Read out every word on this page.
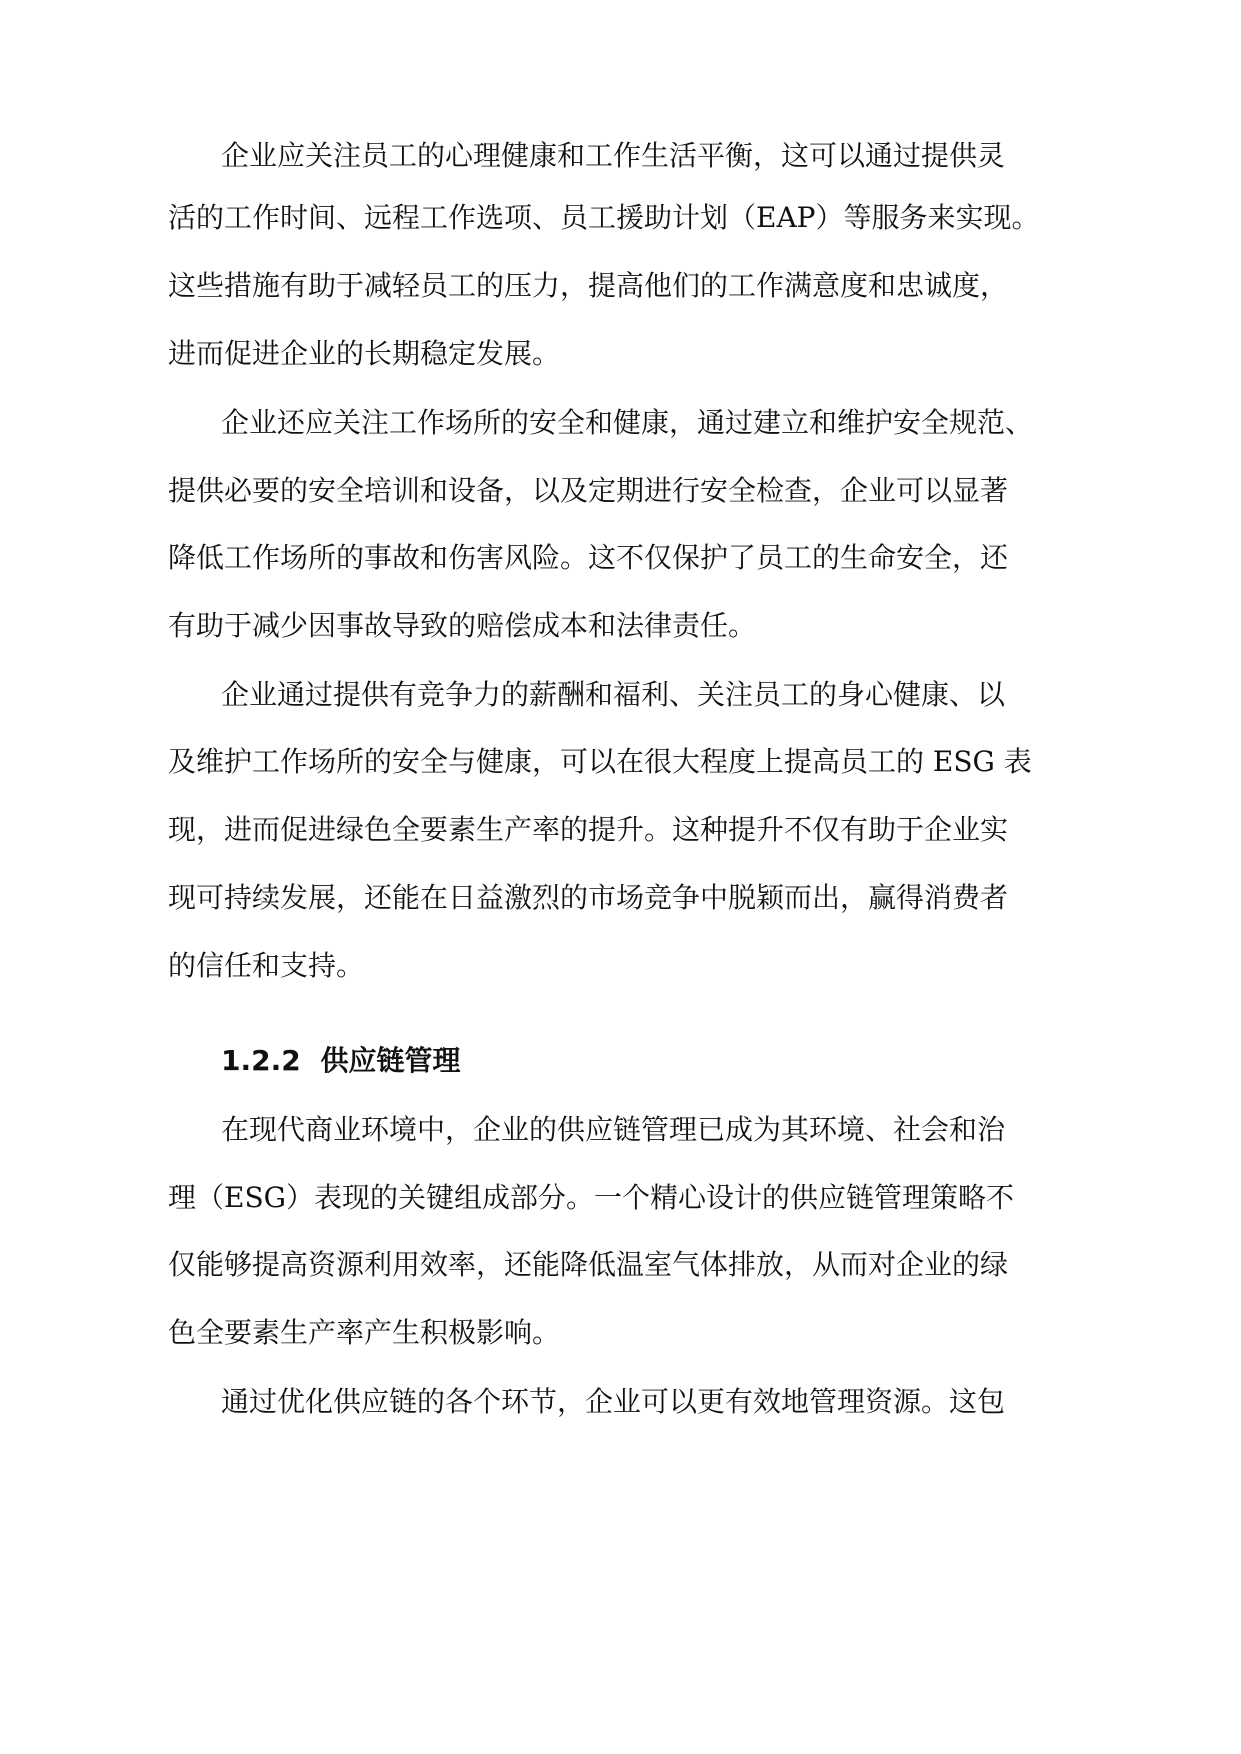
企业应关注员工的心理健康和工作生活平衡，这可以通过提供灵

活的工作时间、远程工作选项、员工援助计划（EAP）等服务来实现。

这些措施有助于减轻员工的压力，提高他们的工作满意度和忠诚度，

进而促进企业的长期稳定发展。

企业还应关注工作场所的安全和健康，通过建立和维护安全规范、

提供必要的安全培训和设备，以及定期进行安全检查，企业可以显著

降低工作场所的事故和伤害风险。这不仅保护了员工的生命安全，还

有助于减少因事故导致的赔偿成本和法律责任。

企业通过提供有竞争力的薪酬和福利、关注员工的身心健康、以

及维护工作场所的安全与健康，可以在很大程度上提高员工的 ESG 表

现，进而促进绿色全要素生产率的提升。这种提升不仅有助于企业实

现可持续发展，还能在日益激烈的市场竞争中脱颖而出，赢得消费者

的信任和支持。

1.2.2 供应链管理

在现代商业环境中，企业的供应链管理已成为其环境、社会和治

理（ESG）表现的关键组成部分。一个精心设计的供应链管理策略不

仅能够提高资源利用效率，还能降低温室气体排放，从而对企业的绿

色全要素生产率产生积极影响。

通过优化供应链的各个环节，企业可以更有效地管理资源。这包
